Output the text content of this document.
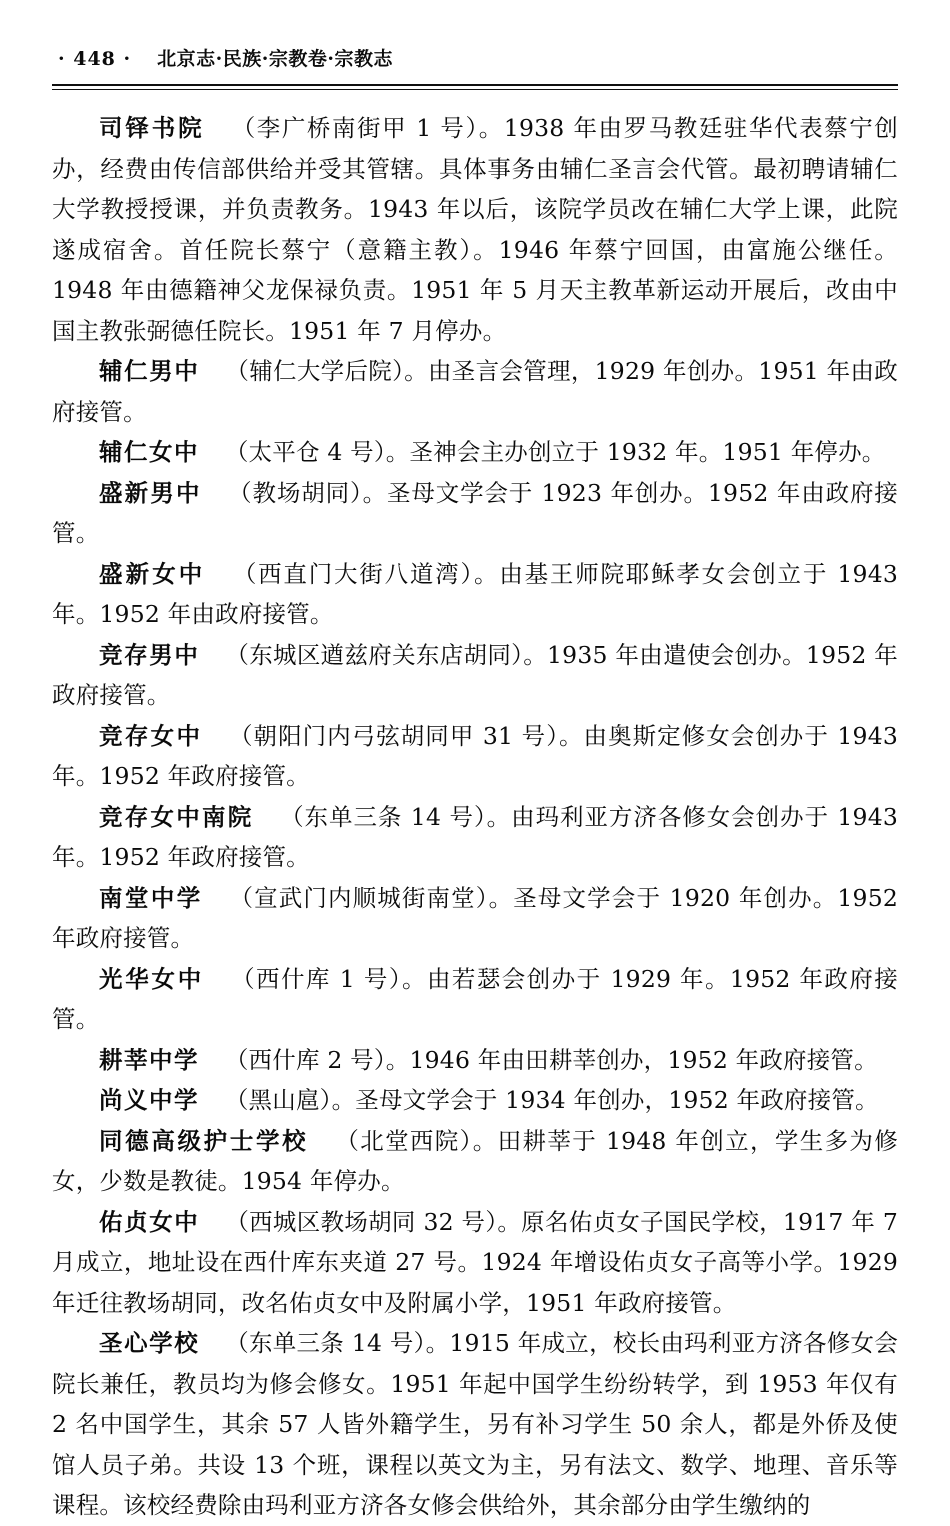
· 448 · 北京志·民族·宗教卷·宗教志

司铎书院 （李广桥南街甲 1 号）。1938 年由罗马教廷驻华代表蔡宁创办，经费由传信部供给并受其管辖。具体事务由辅仁圣言会代管。最初聘请辅仁大学教授授课，并负责教务。1943 年以后，该院学员改在辅仁大学上课，此院遂成宿舍。首任院长蔡宁（意籍主教）。1946 年蔡宁回国，由富施公继任。1948 年由德籍神父龙保禄负责。1951 年 5 月天主教革新运动开展后，改由中国主教张弼德任院长。1951 年 7 月停办。

辅仁男中 （辅仁大学后院）。由圣言会管理，1929 年创办。1951 年由政府接管。

辅仁女中 （太平仓 4 号）。圣神会主办创立于 1932 年。1951 年停办。

盛新男中 （教场胡同）。圣母文学会于 1923 年创办。1952 年由政府接管。

盛新女中 （西直门大街八道湾）。由基王师院耶稣孝女会创立于 1943 年。1952 年由政府接管。

竞存男中 （东城区遒兹府关东店胡同）。1935 年由遣使会创办。1952 年政府接管。

竞存女中 （朝阳门内弓弦胡同甲 31 号）。由奥斯定修女会创办于 1943 年。1952 年政府接管。

竞存女中南院 （东单三条 14 号）。由玛利亚方济各修女会创办于 1943 年。1952 年政府接管。

南堂中学 （宣武门内顺城街南堂）。圣母文学会于 1920 年创办。1952 年政府接管。

光华女中 （西什库 1 号）。由若瑟会创办于 1929 年。1952 年政府接管。

耕莘中学 （西什库 2 号）。1946 年由田耕莘创办，1952 年政府接管。

尚义中学 （黑山扈）。圣母文学会于 1934 年创办，1952 年政府接管。

同德高级护士学校 （北堂西院）。田耕莘于 1948 年创立，学生多为修女，少数是教徒。1954 年停办。

佑贞女中 （西城区教场胡同 32 号）。原名佑贞女子国民学校，1917 年 7 月成立，地址设在西什库东夹道 27 号。1924 年增设佑贞女子高等小学。1929 年迁往教场胡同，改名佑贞女中及附属小学，1951 年政府接管。

圣心学校 （东单三条 14 号）。1915 年成立，校长由玛利亚方济各修女会院长兼任，教员均为修会修女。1951 年起中国学生纷纷转学，到 1953 年仅有 2 名中国学生，其余 57 人皆外籍学生，另有补习学生 50 余人，都是外侨及使馆人员子弟。共设 13 个班，课程以英文为主，另有法文、数学、地理、音乐等课程。该校经费除由玛利亚方济各女修会供给外，其余部分由学生缴纳的
